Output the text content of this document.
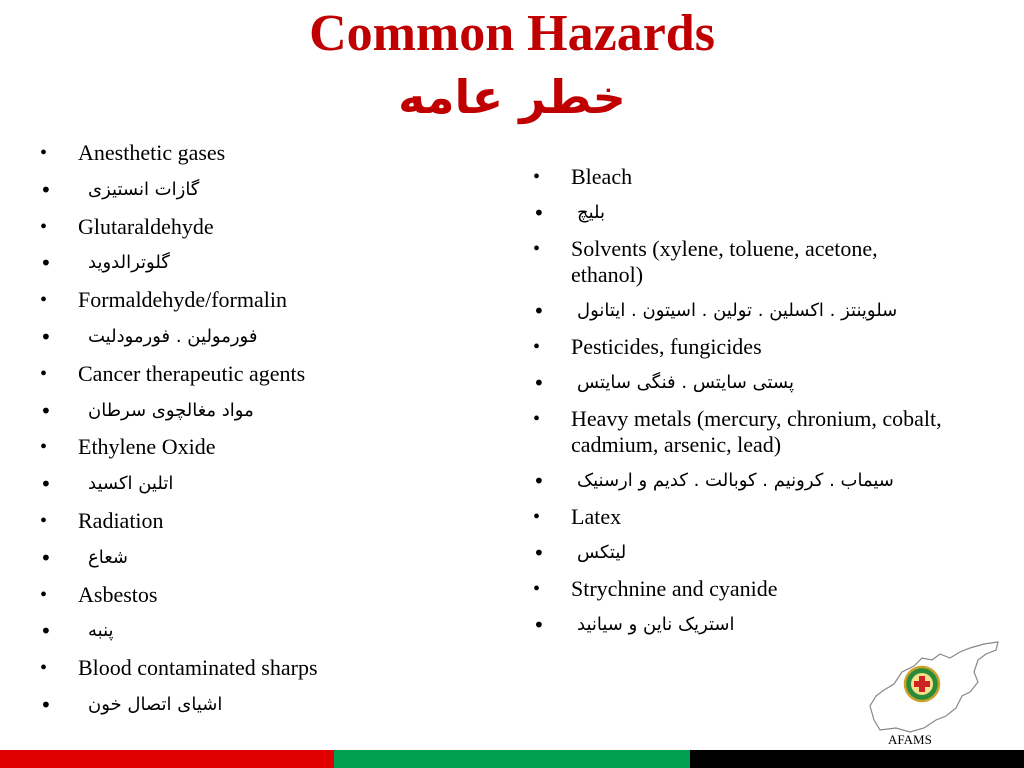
Common Hazards
خطر عامه
•	Anesthetic gases
•	گازات انستیزی
•	Glutaraldehyde
•	گلوترالدوید
•	Formaldehyde/formalin
•	فورمولین . فورمودلیت
•	Cancer therapeutic agents
•	مواد مغالچوی سرطان
•	Ethylene Oxide
•	اتلین اکسید
•	Radiation
•	شعاع
•	Asbestos
•	پنبه
•	Blood contaminated sharps
•	اشیای اتصال خون
•	Bleach
•	بلیچ
•	Solvents (xylene, toluene, acetone, ethanol)
•	سلوینتز . اکسلین . تولین . اسیتون . ایتانول
•	Pesticides, fungicides
•	پستی سایتس . فنگی سایتس
•	Heavy metals (mercury, chronium, cobalt, cadmium, arsenic, lead)
•	سیماب . کرونیم . کوبالت . کدیم و ارسنیک
•	Latex
•	لیتکس
•	Strychnine and cyanide
•	استریک ناین و سیانید
AFAMS
